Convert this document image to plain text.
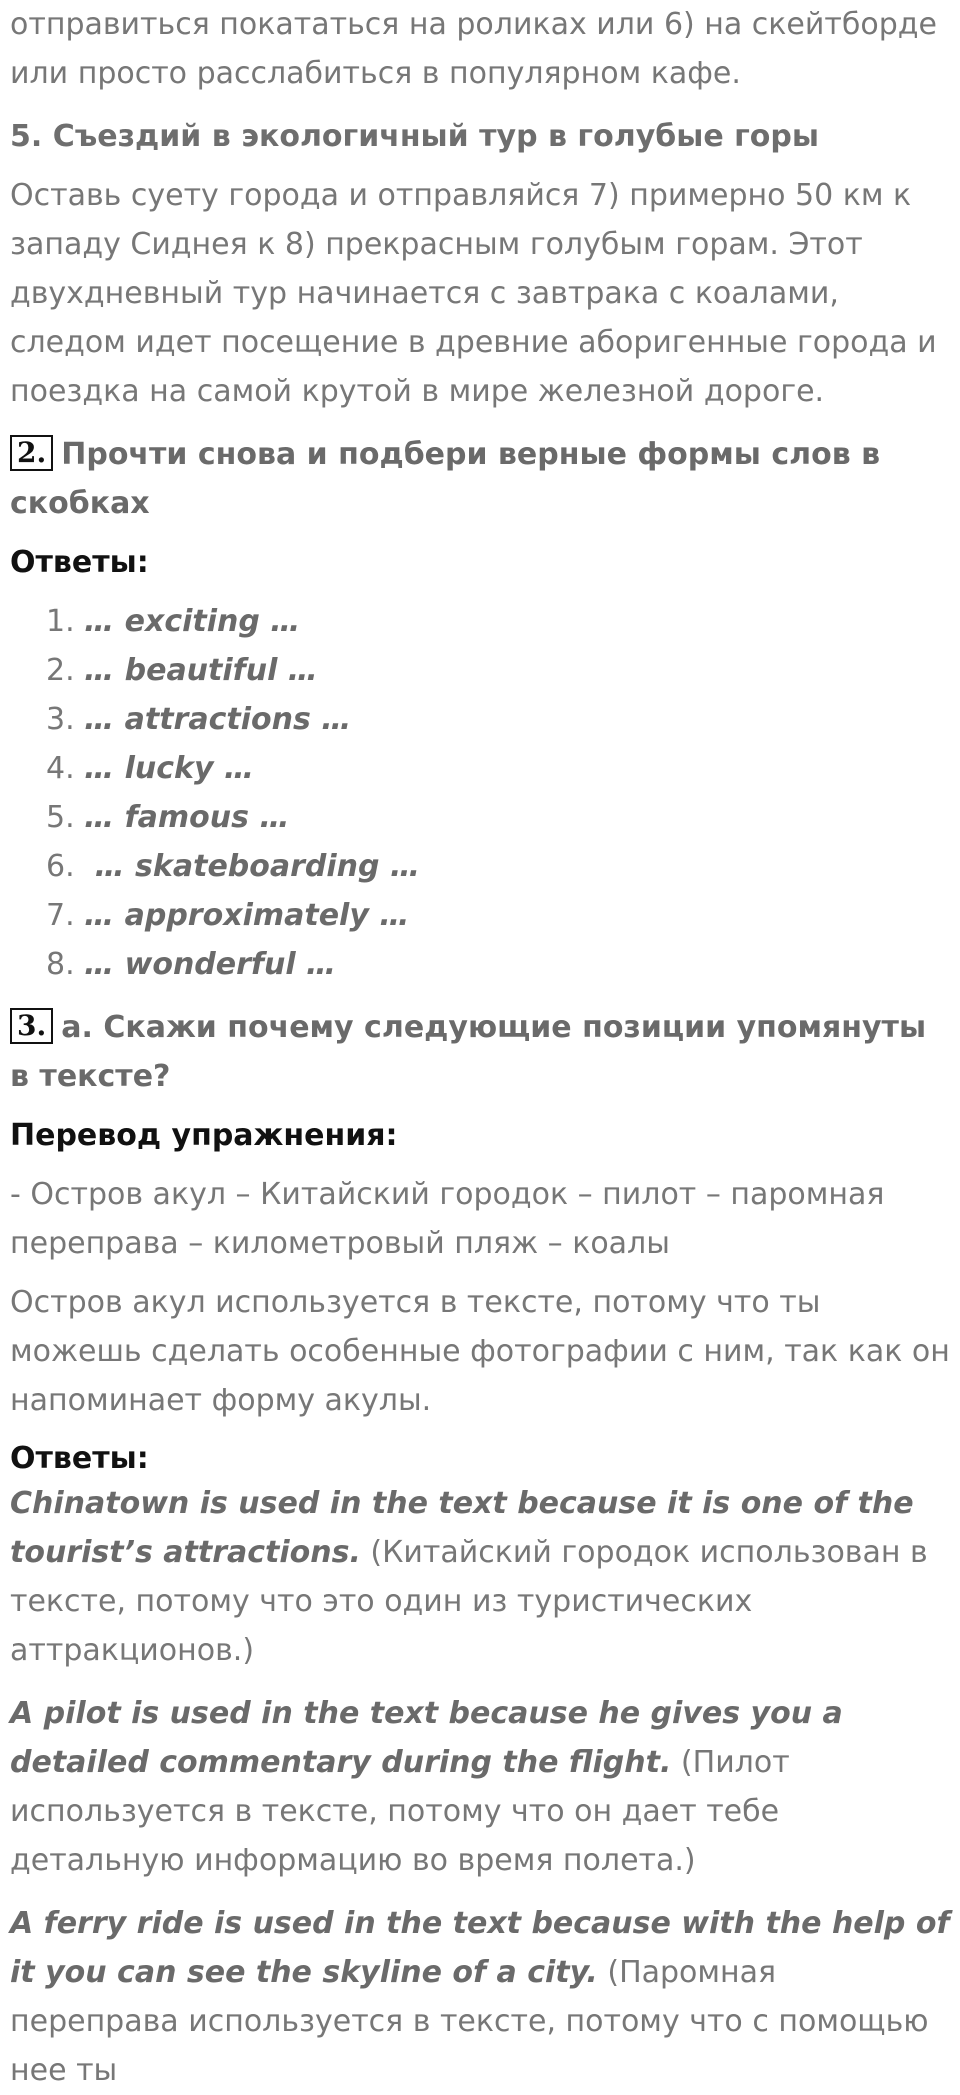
отправиться покататься на роликах или 6) на скейтборде или просто расслабиться в популярном кафе.

5. Съездий в экологичный тур в голубые горы

Оставь суету города и отправляйся 7) примерно 50 км к западу Сиднея к 8) прекрасным голубым горам. Этот двухдневный тур начинается с завтрака с коалами, следом идет посещение в древние аборигенные города и поездка на самой крутой в мире железной дороге.

2. Прочти снова и подбери верные формы слов в скобках

Ответы:

1. … exciting …
2. … beautiful …
3. … attractions …
4. … lucky …
5. … famous …
6.  … skateboarding …
7. … approximately …
8. … wonderful …

3. a. Скажи почему следующие позиции упомянуты в тексте?

Перевод упражнения:

- Остров акул – Китайский городок – пилот – паромная переправа – километровый пляж – коалы

Остров акул используется в тексте, потому что ты можешь сделать особенные фотографии с ним, так как он напоминает форму акулы.

Ответы:

Chinatown is used in the text because it is one of the tourist’s attractions. (Китайский городок использован в тексте, потому что это один из туристических аттракционов.)

A pilot is used in the text because he gives you a detailed commentary during the flight. (Пилот используется в тексте, потому что он дает тебе детальную информацию во время полета.)

A ferry ride is used in the text because with the help of it you can see the skyline of a city. (Паромная переправа используется в тексте, потому что с помощью нее ты
